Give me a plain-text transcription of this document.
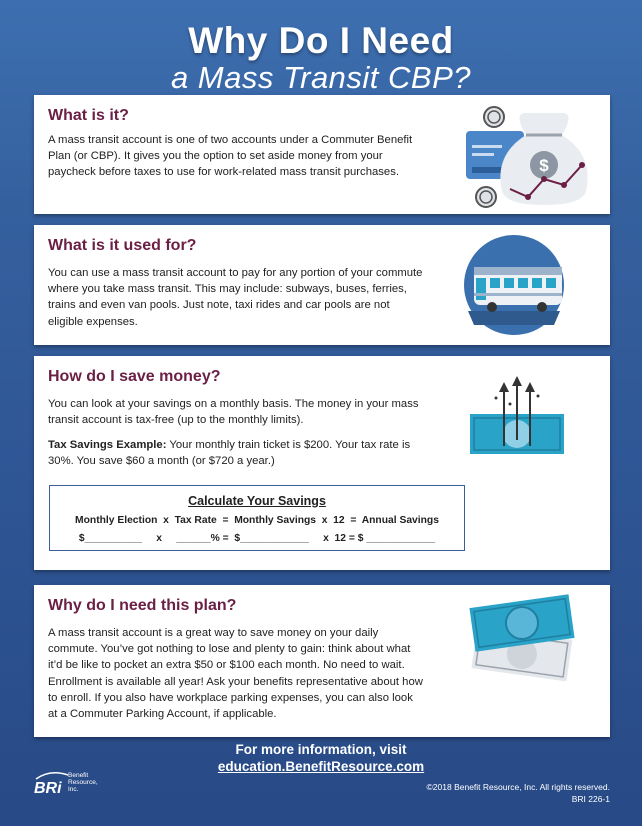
Why Do I Need
a Mass Transit CBP?
What is it?

A mass transit account is one of two accounts under a Commuter Benefit Plan (or CBP). It gives you the option to set aside money from your paycheck before taxes to use for work-related mass transit purchases.	$
What is it used for?

You can use a mass transit account to pay for any portion of your commute where you take mass transit. This may include: subways, buses, ferries, trains and even van pools. Just note, taxi rides and car pools are not eligible expenses.

How do I save money?

You can look at your savings on a monthly basis. The money in your mass transit account is tax-free (up to the monthly limits).

Tax Savings Example: Your monthly train ticket is $200. Your tax rate is 30%. You save $60 a month (or $720 a year.)

Calculate Your Savings
Monthly Election  x  Tax Rate  =  Monthly Savings  x  12  =  Annual Savings
$__________     x     ______% =  $____________     x  12 = $ ____________
Why do I need this plan?

A mass transit account is a great way to save money on your daily commute. You’ve got nothing to lose and plenty to gain: think about what it’d be like to pocket an extra $50 or $100 each month. No need to wait. Enrollment is available all year! Ask your benefits representative about how to enroll. If you also have workplace parking expenses, you can also look at a Commuter Parking Account, if applicable.

For more information, visit
education.BenefitResource.com
BRi
Benefit
Resource,
Inc.	©2018 Benefit Resource, Inc. All rights reserved.
BRI 226-1
